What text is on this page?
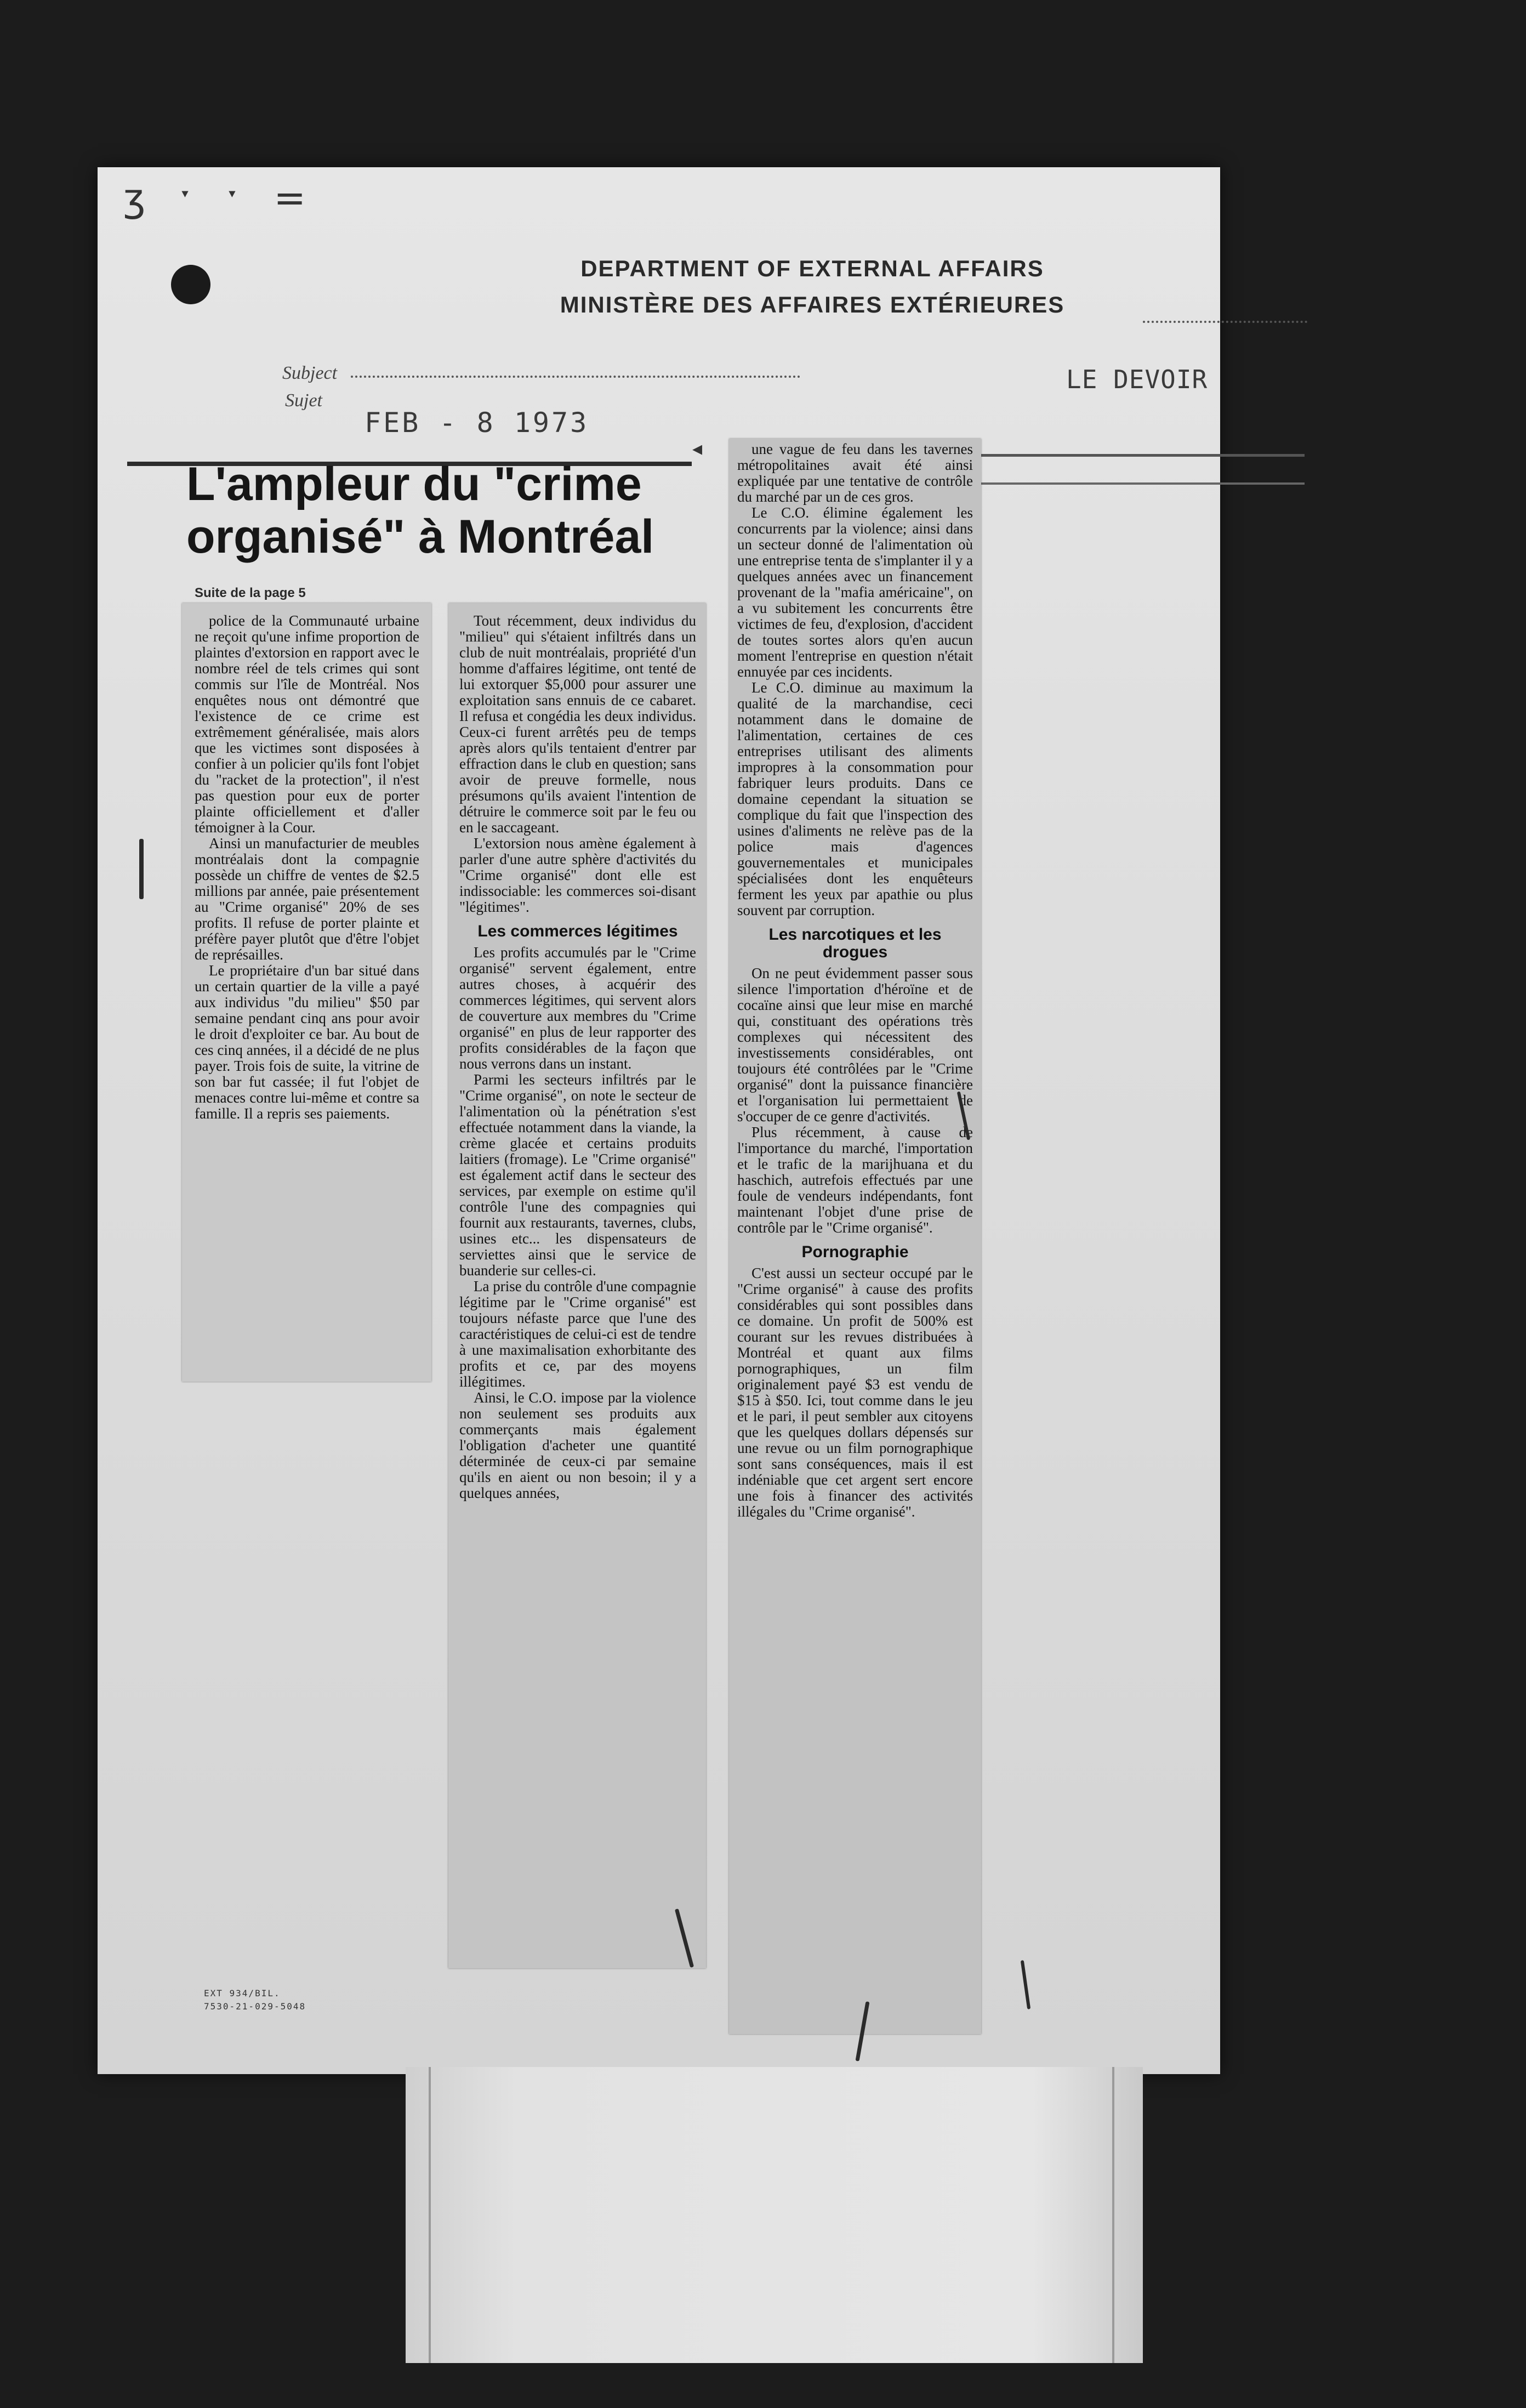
ʒ ˑ ˑ =
DEPARTMENT OF EXTERNAL AFFAIRS
MINISTÈRE DES AFFAIRES EXTÉRIEURES
Subject
Sujet
FEB - 8 1973
LE DEVOIR
L'ampleur du "crime organisé" à Montréal
Suite de la page 5

police de la Communauté urbaine ne reçoit qu'une infime proportion de plaintes d'extorsion en rapport avec le nombre réel de tels crimes qui sont commis sur l'île de Montréal. Nos enquêtes nous ont démontré que l'existence de ce crime est extrêmement généralisée, mais alors que les victimes sont disposées à confier à un policier qu'ils font l'objet du "racket de la protection", il n'est pas question pour eux de porter plainte officiellement et d'aller témoigner à la Cour.

Ainsi un manufacturier de meubles montréalais dont la compagnie possède un chiffre de ventes de $2.5 millions par année, paie présentement au "Crime organisé" 20% de ses profits. Il refuse de porter plainte et préfère payer plutôt que d'être l'objet de représailles.

Le propriétaire d'un bar situé dans un certain quartier de la ville a payé aux individus "du milieu" $50 par semaine pendant cinq ans pour avoir le droit d'exploiter ce bar. Au bout de ces cinq années, il a décidé de ne plus payer. Trois fois de suite, la vitrine de son bar fut cassée; il fut l'objet de menaces contre lui-même et contre sa famille. Il a repris ses paiements.

Tout récemment, deux individus du "milieu" qui s'étaient infiltrés dans un club de nuit montréalais, propriété d'un homme d'affaires légitime, ont tenté de lui extorquer $5,000 pour assurer une exploitation sans ennuis de ce cabaret. Il refusa et congédia les deux individus. Ceux-ci furent arrêtés peu de temps après alors qu'ils tentaient d'entrer par effraction dans le club en question; sans avoir de preuve formelle, nous présumons qu'ils avaient l'intention de détruire le commerce soit par le feu ou en le saccageant.

L'extorsion nous amène également à parler d'une autre sphère d'activités du "Crime organisé" dont elle est indissociable: les commerces soi-disant "légitimes".

Les commerces légitimes

Les profits accumulés par le "Crime organisé" servent également, entre autres choses, à acquérir des commerces légitimes, qui servent alors de couverture aux membres du "Crime organisé" en plus de leur rapporter des profits considérables de la façon que nous verrons dans un instant.

Parmi les secteurs infiltrés par le "Crime organisé", on note le secteur de l'alimentation où la pénétration s'est effectuée notamment dans la viande, la crème glacée et certains produits laitiers (fromage). Le "Crime organisé" est également actif dans le secteur des services, par exemple on estime qu'il contrôle l'une des compagnies qui fournit aux restaurants, tavernes, clubs, usines etc... les dispensateurs de serviettes ainsi que le service de buanderie sur celles-ci.

La prise du contrôle d'une compagnie légitime par le "Crime organisé" est toujours néfaste parce que l'une des caractéristiques de celui-ci est de tendre à une maximalisation exhorbitante des profits et ce, par des moyens illégitimes.

Ainsi, le C.O. impose par la violence non seulement ses produits aux commerçants mais également l'obligation d'acheter une quantité déterminée de ceux-ci par semaine qu'ils en aient ou non besoin; il y a quelques années,

◂	une vague de feu dans les tavernes métropolitaines avait été ainsi expliquée par une tentative de contrôle du marché par un de ces gros.

Le C.O. élimine également les concurrents par la violence; ainsi dans un secteur donné de l'alimentation où une entreprise tenta de s'implanter il y a quelques années avec un financement provenant de la "mafia américaine", on a vu subitement les concurrents être victimes de feu, d'explosion, d'accident de toutes sortes alors qu'en aucun moment l'entreprise en question n'était ennuyée par ces incidents.

Le C.O. diminue au maximum la qualité de la marchandise, ceci notamment dans le domaine de l'alimentation, certaines de ces entreprises utilisant des aliments impropres à la consommation pour fabriquer leurs produits. Dans ce domaine cependant la situation se complique du fait que l'inspection des usines d'aliments ne relève pas de la police mais d'agences gouvernementales et municipales spécialisées dont les enquêteurs ferment les yeux par apathie ou plus souvent par corruption.

Les narcotiques et les drogues

On ne peut évidemment passer sous silence l'importation d'héroïne et de cocaïne ainsi que leur mise en marché qui, constituant des opérations très complexes qui nécessitent des investissements considérables, ont toujours été contrôlées par le "Crime organisé" dont la puissance financière et l'organisation lui permettaient de s'occuper de ce genre d'activités.

Plus récemment, à cause de l'importance du marché, l'importation et le trafic de la marijhuana et du haschich, autrefois effectués par une foule de vendeurs indépendants, font maintenant l'objet d'une prise de contrôle par le "Crime organisé".

Pornographie

C'est aussi un secteur occupé par le "Crime organisé" à cause des profits considérables qui sont possibles dans ce domaine. Un profit de 500% est courant sur les revues distribuées à Montréal et quant aux films pornographiques, un film originalement payé $3 est vendu de $15 à $50. Ici, tout comme dans le jeu et le pari, il peut sembler aux citoyens que les quelques dollars dépensés sur une revue ou un film pornographique sont sans conséquences, mais il est indéniable que cet argent sert encore une fois à financer des activités illégales du "Crime organisé".

EXT 934/BIL.
7530-21-029-5048
